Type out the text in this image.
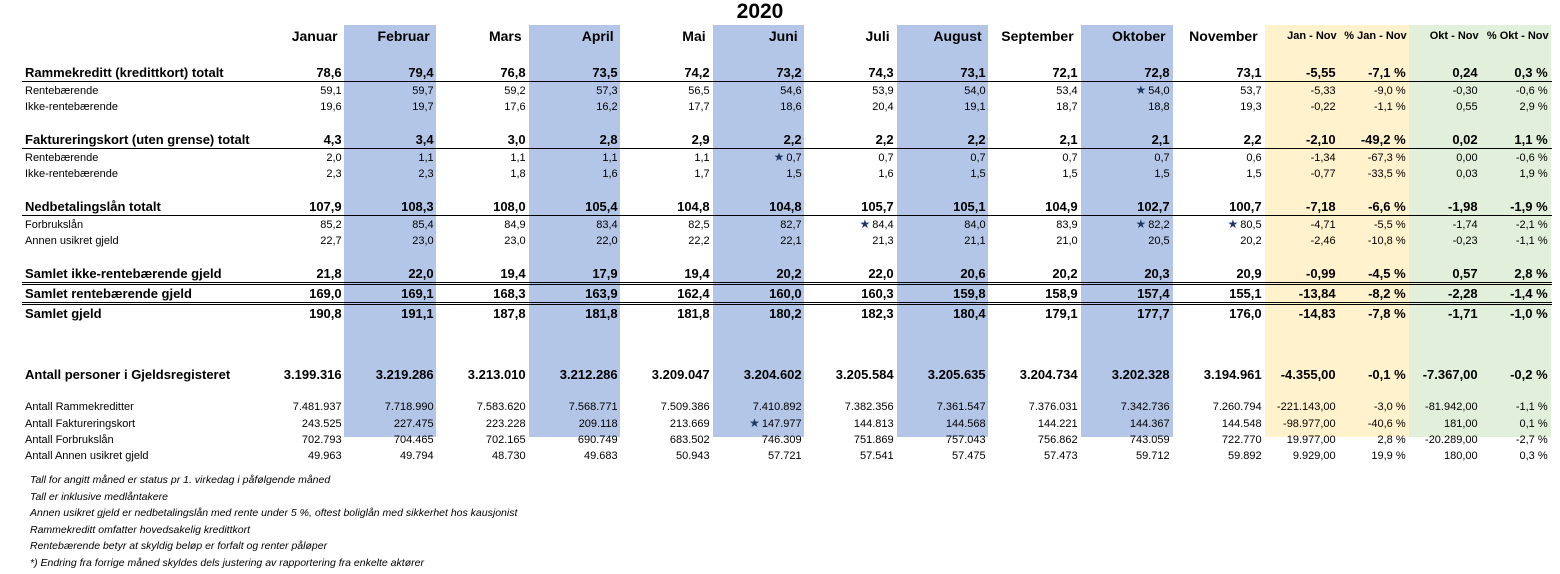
2020
	Januar	Februar	Mars	April	Mai	Juni	Juli	August	September	Oktober	November	Jan - Nov	% Jan - Nov	Okt - Nov	% Okt - Nov

Rammekreditt (kredittkort) totalt	78,6	79,4	76,8	73,5	74,2	73,2	74,3	73,1	72,1	72,8	73,1	-5,55	-7,1 %	0,24	0,3 %
Rentebærende	59,1	59,7	59,2	57,3	56,5	54,6	53,9	54,0	53,4	★ 54,0	53,7	-5,33	-9,0 %	-0,30	-0,6 %
Ikke-rentebærende	19,6	19,7	17,6	16,2	17,7	18,6	20,4	19,1	18,7	18,8	19,3	-0,22	-1,1 %	0,55	2,9 %

Faktureringskort (uten grense) totalt	4,3	3,4	3,0	2,8	2,9	2,2	2,2	2,2	2,1	2,1	2,2	-2,10	-49,2 %	0,02	1,1 %
Rentebærende	2,0	1,1	1,1	1,1	1,1	★ 0,7	0,7	0,7	0,7	0,7	0,6	-1,34	-67,3 %	0,00	-0,6 %
Ikke-rentebærende	2,3	2,3	1,8	1,6	1,7	1,5	1,6	1,5	1,5	1,5	1,5	-0,77	-33,5 %	0,03	1,9 %

Nedbetalingslån totalt	107,9	108,3	108,0	105,4	104,8	104,8	105,7	105,1	104,9	102,7	100,7	-7,18	-6,6 %	-1,98	-1,9 %
Forbrukslån	85,2	85,4	84,9	83,4	82,5	82,7	★ 84,4	84,0	83,9	★ 82,2	★ 80,5	-4,71	-5,5 %	-1,74	-2,1 %
Annen usikret gjeld	22,7	23,0	23,0	22,0	22,2	22,1	21,3	21,1	21,0	20,5	20,2	-2,46	-10,8 %	-0,23	-1,1 %

Samlet ikke-rentebærende gjeld	21,8	22,0	19,4	17,9	19,4	20,2	22,0	20,6	20,2	20,3	20,9	-0,99	-4,5 %	0,57	2,8 %
Samlet rentebærende gjeld	169,0	169,1	168,3	163,9	162,4	160,0	160,3	159,8	158,9	157,4	155,1	-13,84	-8,2 %	-2,28	-1,4 %
Samlet gjeld	190,8	191,1	187,8	181,8	181,8	180,2	182,3	180,4	179,1	177,7	176,0	-14,83	-7,8 %	-1,71	-1,0 %

Antall personer i Gjeldsregisteret	3.199.316	3.219.286	3.213.010	3.212.286	3.209.047	3.204.602	3.205.584	3.205.635	3.204.734	3.202.328	3.194.961	-4.355,00	-0,1 %	-7.367,00	-0,2 %

Antall Rammekreditter	7.481.937	7.718.990	7.583.620	7.568.771	7.509.386	7.410.892	7.382.356	7.361.547	7.376.031	7.342.736	7.260.794	-221.143,00	-3,0 %	-81.942,00	-1,1 %
Antall Faktureringskort	243.525	227.475	223.228	209.118	213.669	★ 147.977	144.813	144.568	144.221	144.367	144.548	-98.977,00	-40,6 %	181,00	0,1 %
Antall Forbrukslån	702.793	704.465	702.165	690.749	683.502	746.309	751.869	757.043	756.862	743.059	722.770	19.977,00	2,8 %	-20.289,00	-2,7 %
Antall Annen usikret gjeld	49.963	49.794	48.730	49.683	50.943	57.721	57.541	57.475	57.473	59.712	59.892	9.929,00	19,9 %	180,00	0,3 %
Tall for angitt måned er status pr 1. virkedag i påfølgende måned
Tall er inklusive medlåntakere
Annen usikret gjeld er nedbetalingslån med rente under 5 %, oftest boliglån med sikkerhet hos kausjonist
Rammekreditt omfatter hovedsakelig kredittkort
Rentebærende betyr at skyldig beløp er forfalt og renter påløper
*) Endring fra forrige måned skyldes dels justering av rapportering fra enkelte aktører
